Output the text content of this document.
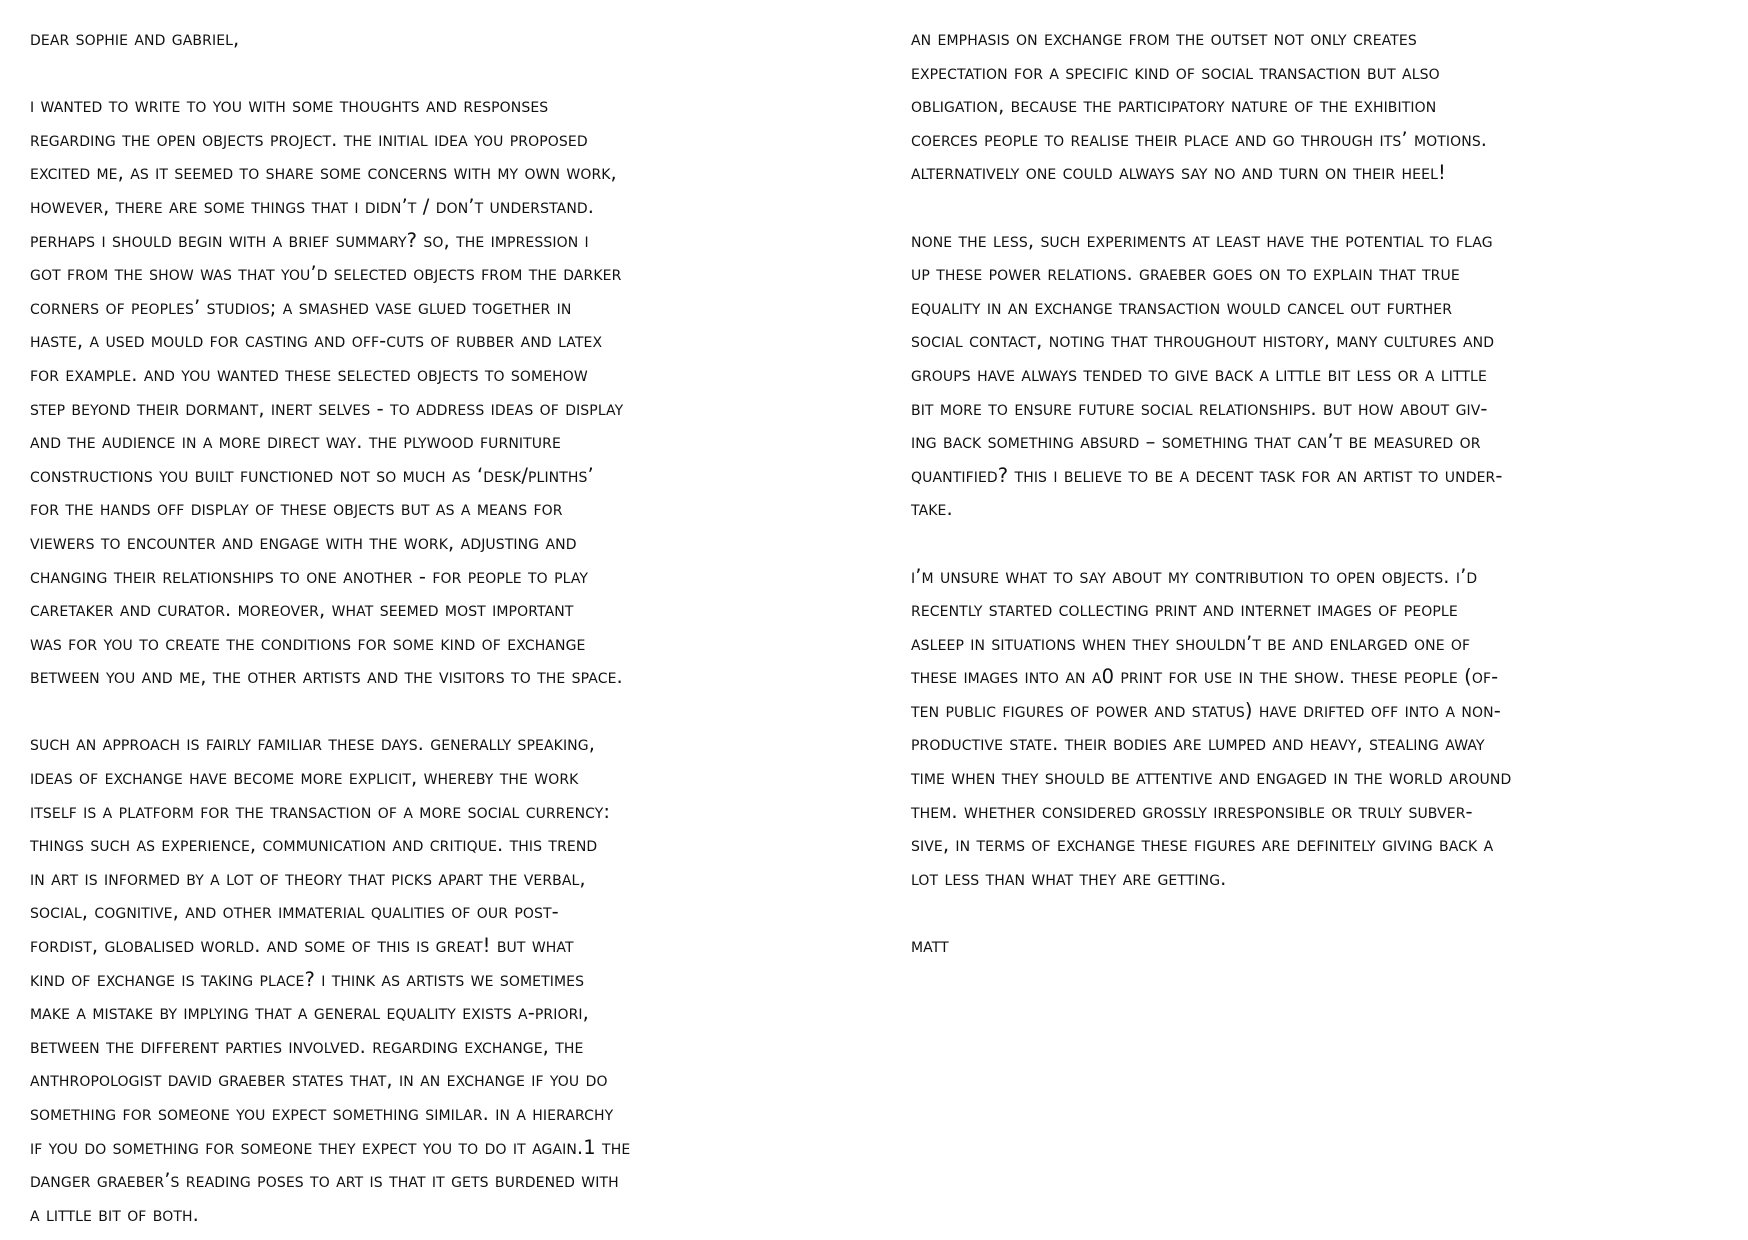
dear sophie and gabriel,
i wanted to write to you with some thoughts and responses
regarding the open objects project. the initial idea you proposed
excited me, as it seemed to share some concerns with my own work,
however, there are some things that i didn’t / don’t understand.
perhaps i should begin with a brief summary? so, the impression i
got from the show was that you’d selected objects from the darker
corners of peoples’ studios; a smashed vase glued together in
haste, a used mould for casting and off-cuts of rubber and latex
for example. and you wanted these selected objects to somehow
step beyond their dormant, inert selves - to address ideas of display
and the audience in a more direct way. the plywood furniture
constructions you built functioned not so much as ‘desk/plinths’
for the hands off display of these objects but as a means for
viewers to encounter and engage with the work, adjusting and
changing their relationships to one another - for people to play
caretaker and curator. moreover, what seemed most important
was for you to create the conditions for some kind of exchange
between you and me, the other artists and the visitors to the space.
such an approach is fairly familiar these days. generally speaking,
ideas of exchange have become more explicit, whereby the work
itself is a platform for the transaction of a more social currency:
things such as experience, communication and critique. this trend
in art is informed by a lot of theory that picks apart the verbal,
social, cognitive, and other immaterial qualities of our post-
fordist, globalised world. and some of this is great! but what
kind of exchange is taking place? i think as artists we sometimes
make a mistake by implying that a general equality exists a-priori,
between the different parties involved. regarding exchange, the
anthropologist david graeber states that, in an exchange if you do
something for someone you expect something similar. in a hierarchy
if you do something for someone they expect you to do it again.1 the
danger graeber’s reading poses to art is that it gets burdened with
a little bit of both.
an emphasis on exchange from the outset not only creates
expectation for a specific kind of social transaction but also
obligation, because the participatory nature of the exhibition
coerces people to realise their place and go through its’ motions.
alternatively one could always say no and turn on their heel!
none the less, such experiments at least have the potential to flag
up these power relations. graeber goes on to explain that true
equality in an exchange transaction would cancel out further
social contact, noting that throughout history, many cultures and
groups have always tended to give back a little bit less or a little
bit more to ensure future social relationships. but how about giv-
ing back something absurd – something that can’t be measured or
quantified? this i believe to be a decent task for an artist to under-
take.
i’m unsure what to say about my contribution to open objects. i’d
recently started collecting print and internet images of people
asleep in situations when they shouldn’t be and enlarged one of
these images into an a0 print for use in the show. these people (of-
ten public figures of power and status) have drifted off into a non-
productive state. their bodies are lumped and heavy, stealing away
time when they should be attentive and engaged in the world around
them. whether considered grossly irresponsible or truly subver-
sive, in terms of exchange these figures are definitely giving back a
lot less than what they are getting.
matt
